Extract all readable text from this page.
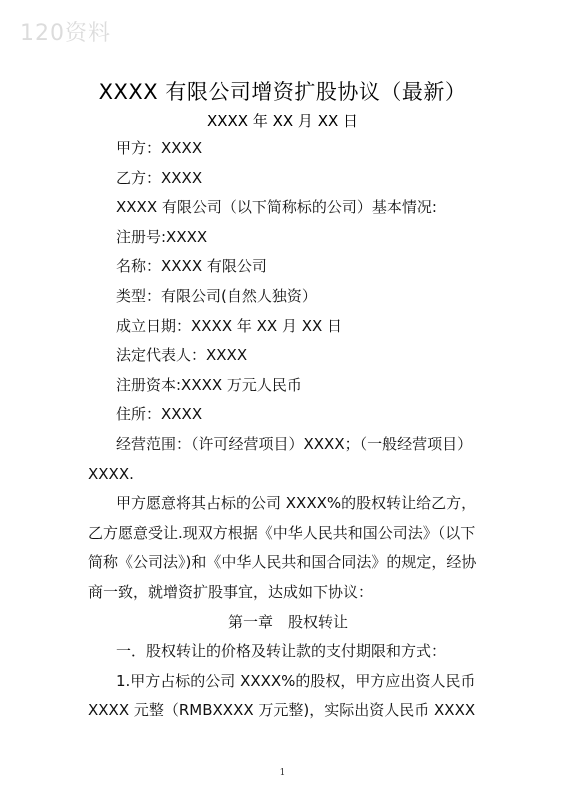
120资料
XXXX 有限公司增资扩股协议（最新）
XXXX 年 XX 月 XX 日

甲方：XXXX

乙方：XXXX

XXXX 有限公司（以下简称标的公司）基本情况:

注册号:XXXX

名称：XXXX 有限公司

类型：有限公司(自然人独资）

成立日期：XXXX 年 XX 月 XX 日

法定代表人：XXXX

注册资本:XXXX 万元人民币

住所：XXXX

经营范围：（许可经营项目）XXXX；（一般经营项目）XXXX.

甲方愿意将其占标的公司 XXXX%的股权转让给乙方，乙方愿意受让.现双方根据《中华人民共和国公司法》（以下简称《公司法》)和《中华人民共和国合同法》的规定，经协商一致，就增资扩股事宜，达成如下协议：

第一章　股权转让

一．股权转让的价格及转让款的支付期限和方式：

1.甲方占标的公司 XXXX%的股权，甲方应出资人民币 XXXX 元整（RMBXXXX 万元整)，实际出资人民币 XXXX

1
